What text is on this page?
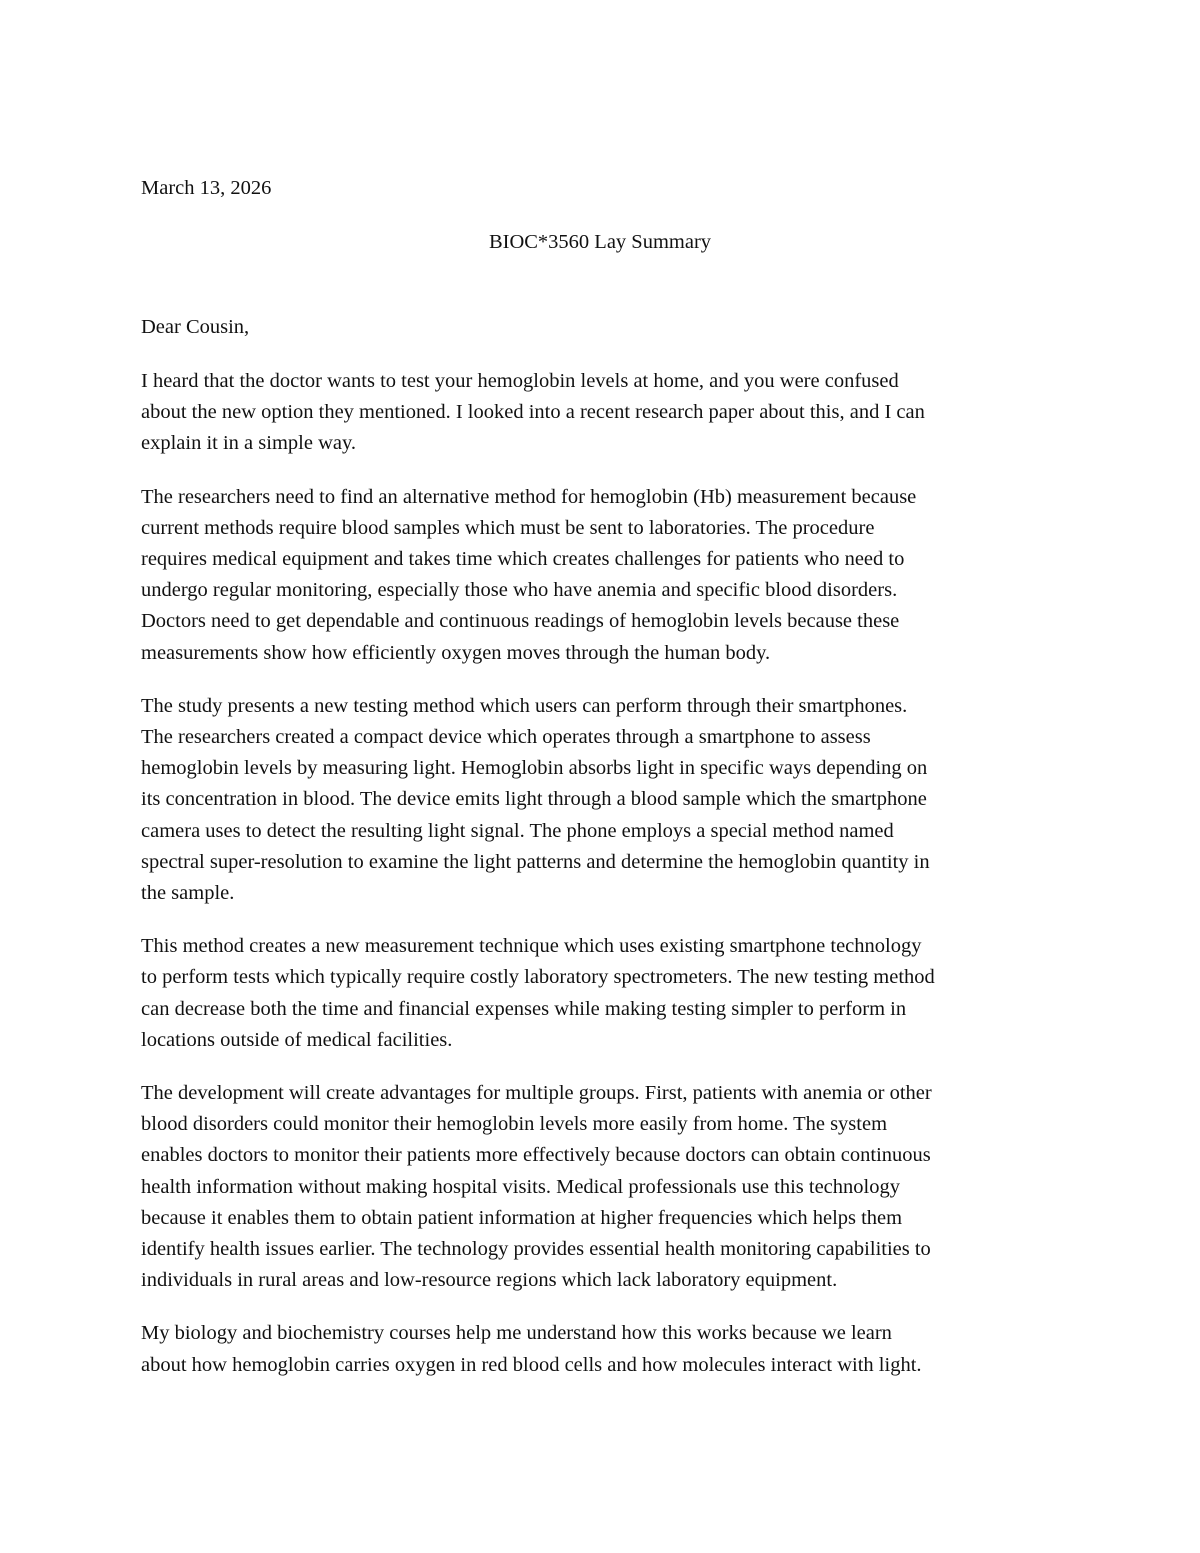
March 13, 2026
BIOC*3560 Lay Summary
Dear Cousin,
I heard that the doctor wants to test your hemoglobin levels at home, and you were confused
about the new option they mentioned. I looked into a recent research paper about this, and I can
explain it in a simple way.
The researchers need to find an alternative method for hemoglobin (Hb) measurement because
current methods require blood samples which must be sent to laboratories. The procedure
requires medical equipment and takes time which creates challenges for patients who need to
undergo regular monitoring, especially those who have anemia and specific blood disorders.
Doctors need to get dependable and continuous readings of hemoglobin levels because these
measurements show how efficiently oxygen moves through the human body.
The study presents a new testing method which users can perform through their smartphones.
The researchers created a compact device which operates through a smartphone to assess
hemoglobin levels by measuring light. Hemoglobin absorbs light in specific ways depending on
its concentration in blood. The device emits light through a blood sample which the smartphone
camera uses to detect the resulting light signal. The phone employs a special method named
spectral super-resolution to examine the light patterns and determine the hemoglobin quantity in
the sample.
This method creates a new measurement technique which uses existing smartphone technology
to perform tests which typically require costly laboratory spectrometers. The new testing method
can decrease both the time and financial expenses while making testing simpler to perform in
locations outside of medical facilities.
The development will create advantages for multiple groups. First, patients with anemia or other
blood disorders could monitor their hemoglobin levels more easily from home. The system
enables doctors to monitor their patients more effectively because doctors can obtain continuous
health information without making hospital visits. Medical professionals use this technology
because it enables them to obtain patient information at higher frequencies which helps them
identify health issues earlier. The technology provides essential health monitoring capabilities to
individuals in rural areas and low-resource regions which lack laboratory equipment.
My biology and biochemistry courses help me understand how this works because we learn
about how hemoglobin carries oxygen in red blood cells and how molecules interact with light.
